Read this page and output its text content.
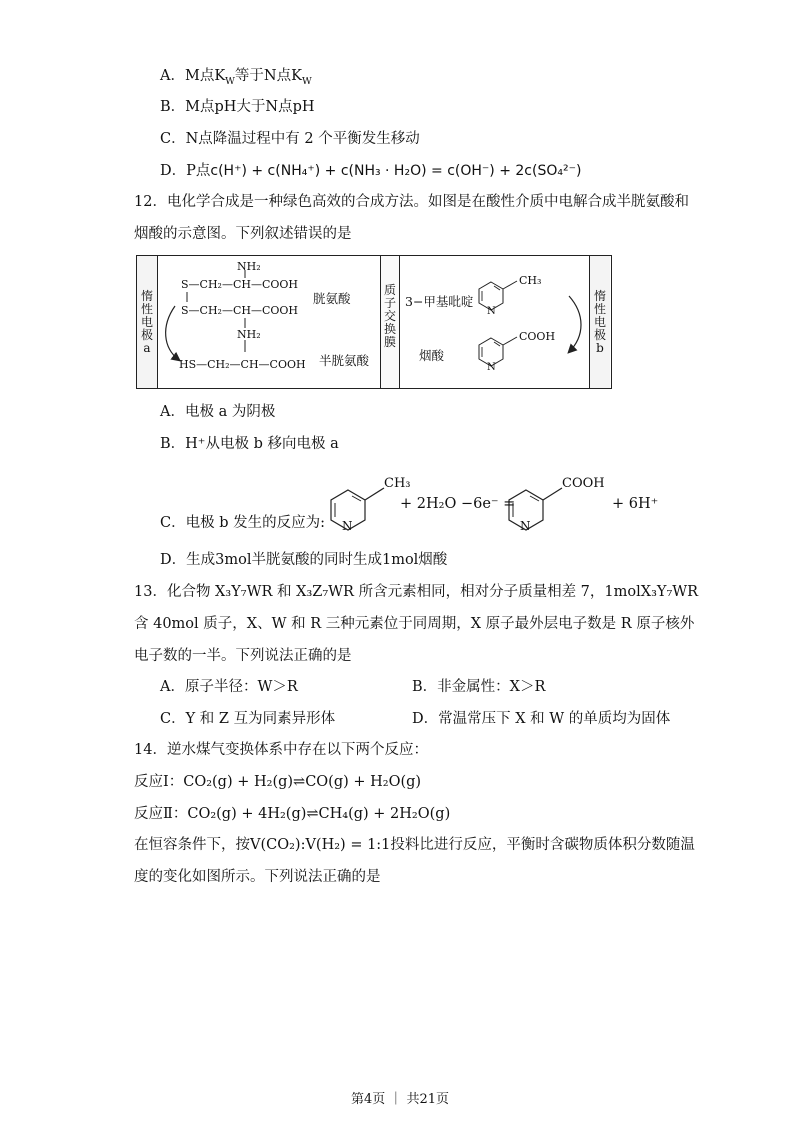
A．M点$K_W$等于N点$K_W$
B．M点pH大于N点pH
C．N点降温过程中有 2 个平衡发生移动
D．P点c(H⁺) + c(NH₄⁺) + c(NH₃ · H₂O) = c(OH⁻) + 2c(SO₄²⁻)
12．电化学合成是一种绿色高效的合成方法。如图是在酸性介质中电解合成半胱氨酸和
烟酸的示意图。下列叙述错误的是
惰性电极a
质子交换膜
惰性电极b
NH₂
S—CH₂—CH—COOH
S—CH₂—CH—COOH
NH₂
HS—CH₂—CH—COOH
胱氨酸
半胱氨酸
3−甲基吡啶
CH₃
N
烟酸
COOH
N
A．电极 a 为阴极
B．H⁺从电极 b 移向电极 a
C．电极 b 发生的反应为:
CH₃
N
+ 2H₂O −6e⁻ =
COOH
N
+ 6H⁺
D．生成3mol半胱氨酸的同时生成1mol烟酸
13．化合物 X₃Y₇WR 和 X₃Z₇WR 所含元素相同，相对分子质量相差 7，1molX₃Y₇WR
含 40mol 质子，X、W 和 R 三种元素位于同周期，X 原子最外层电子数是 R 原子核外
电子数的一半。下列说法正确的是
A．原子半径：W＞R	B．非金属性：X＞R
C．Y 和 Z 互为同素异形体	D．常温常压下 X 和 W 的单质均为固体
14．逆水煤气变换体系中存在以下两个反应：
反应Ⅰ：CO₂(g) + H₂(g)⇌CO(g) + H₂O(g)
反应Ⅱ：CO₂(g) + 4H₂(g)⇌CH₄(g) + 2H₂O(g)
在恒容条件下，按V(CO₂):V(H₂) = 1:1投料比进行反应，平衡时含碳物质体积分数随温
度的变化如图所示。下列说法正确的是
第4页 ｜ 共21页
